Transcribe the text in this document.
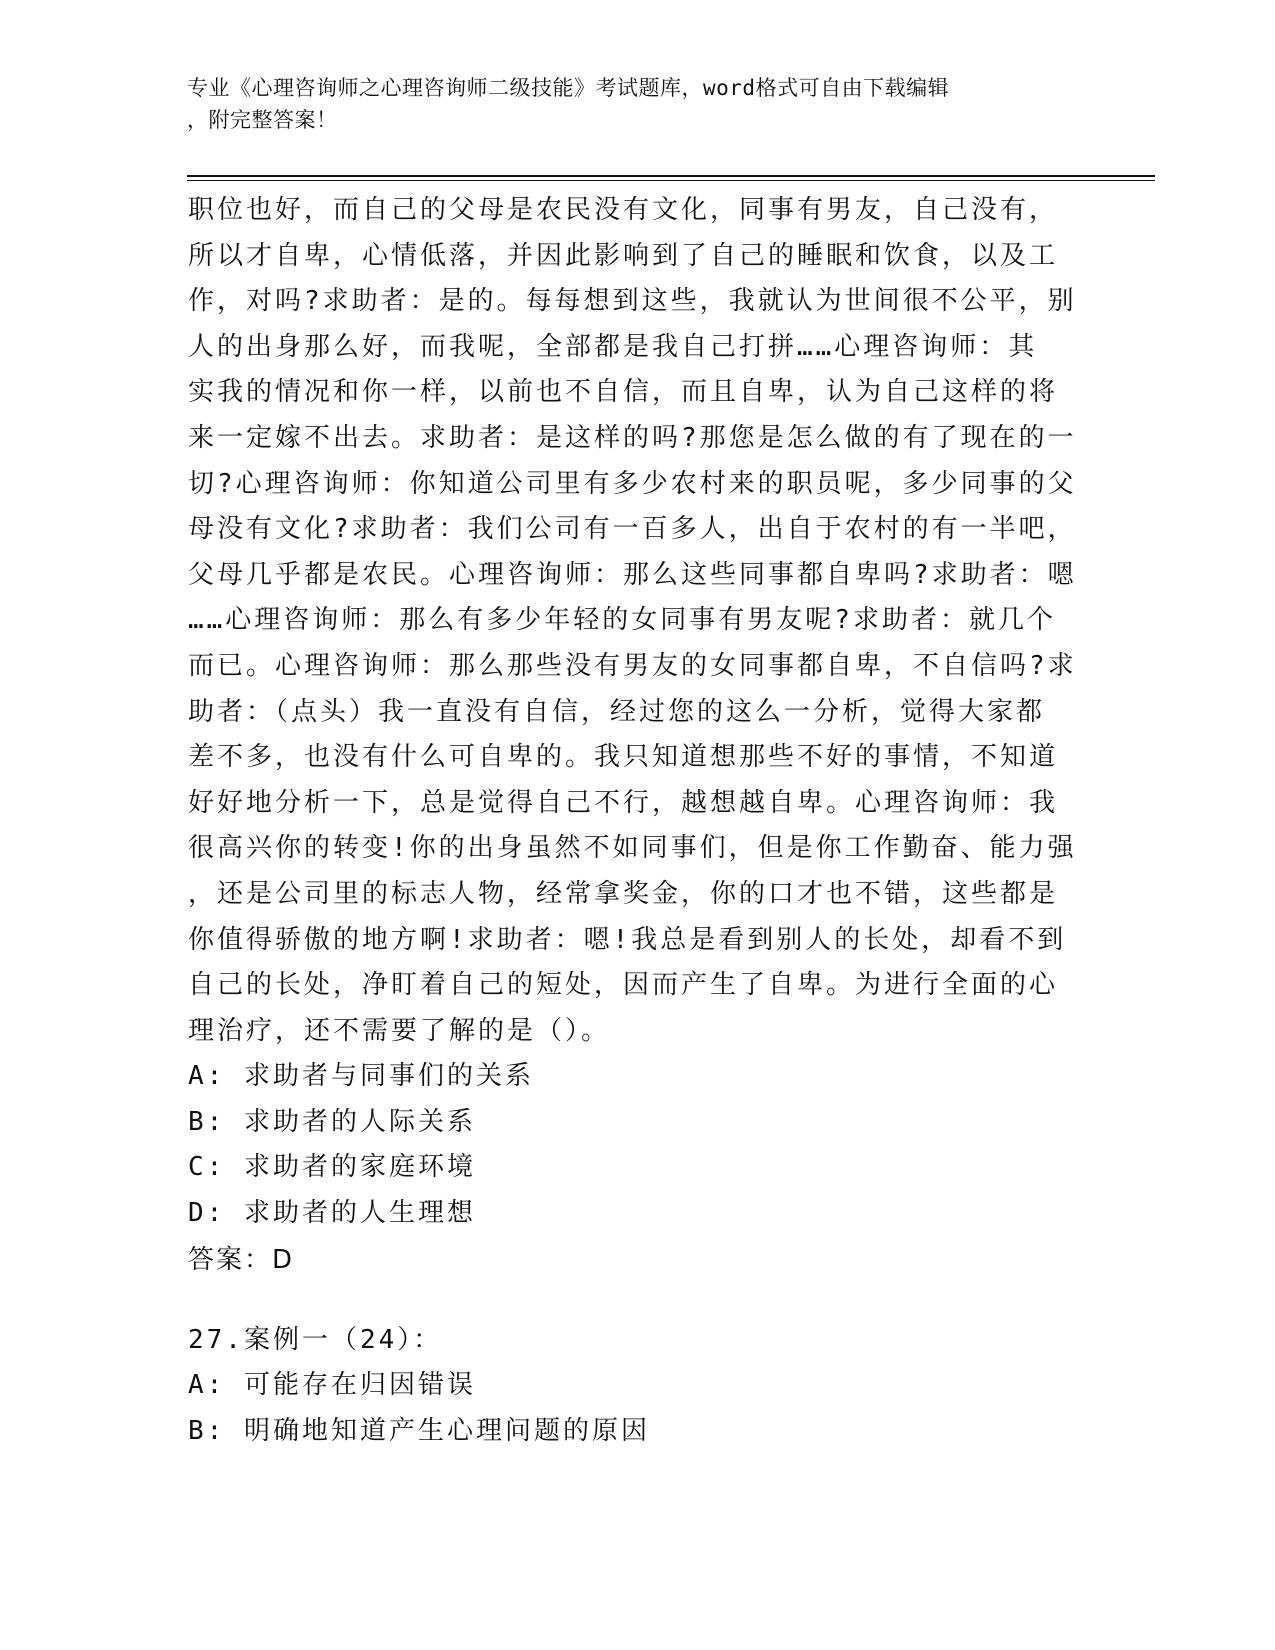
专业《心理咨询师之心理咨询师二级技能》考试题库，word格式可自由下载编辑
，附完整答案！
职位也好，而自己的父母是农民没有文化，同事有男友，自己没有，
所以才自卑，心情低落，并因此影响到了自己的睡眠和饮食，以及工
作，对吗?求助者：是的。每每想到这些，我就认为世间很不公平，别
人的出身那么好，而我呢，全部都是我自己打拼……心理咨询师：其
实我的情况和你一样，以前也不自信，而且自卑，认为自己这样的将
来一定嫁不出去。求助者：是这样的吗?那您是怎么做的有了现在的一
切?心理咨询师：你知道公司里有多少农村来的职员呢，多少同事的父
母没有文化?求助者：我们公司有一百多人，出自于农村的有一半吧，
父母几乎都是农民。心理咨询师：那么这些同事都自卑吗?求助者：嗯
……心理咨询师：那么有多少年轻的女同事有男友呢?求助者：就几个
而已。心理咨询师：那么那些没有男友的女同事都自卑，不自信吗?求
助者：（点头）我一直没有自信，经过您的这么一分析，觉得大家都
差不多，也没有什么可自卑的。我只知道想那些不好的事情，不知道
好好地分析一下，总是觉得自己不行，越想越自卑。心理咨询师：我
很高兴你的转变!你的出身虽然不如同事们，但是你工作勤奋、能力强
，还是公司里的标志人物，经常拿奖金，你的口才也不错，这些都是
你值得骄傲的地方啊!求助者：嗯!我总是看到别人的长处，却看不到
自己的长处，净盯着自己的短处，因而产生了自卑。为进行全面的心
理治疗，还不需要了解的是（）。
A: 求助者与同事们的关系
B: 求助者的人际关系
C: 求助者的家庭环境
D: 求助者的人生理想
答案：D
27.案例一（24）：
A: 可能存在归因错误
B: 明确地知道产生心理问题的原因
